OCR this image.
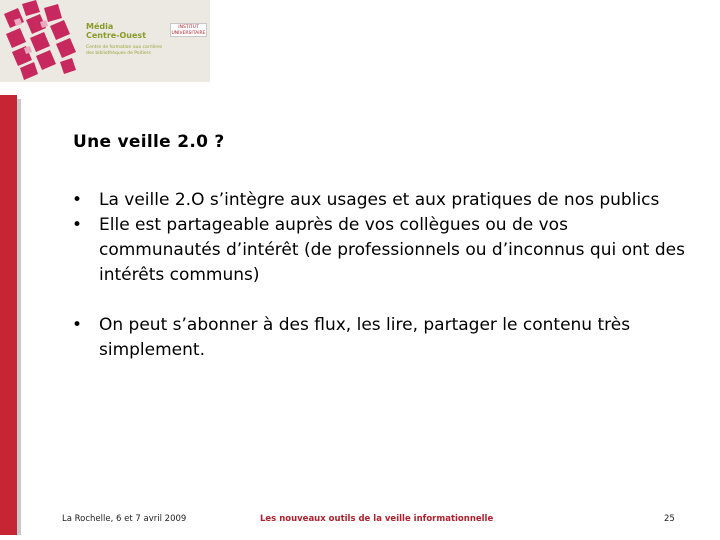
Média
Centre-Ouest
Centre de formation aux carrières des bibliothèques de Poitiers
INSTITUT UNIVERSITAIRE
Une veille 2.0 ?
• La veille 2.O s’intègre aux usages et aux pratiques de nos publics
• Elle est partageable auprès de vos collègues ou de vos communautés d’intérêt (de professionnels ou d’inconnus qui ont des intérêts communs)
• On peut s’abonner à des flux, les lire, partager le contenu très simplement.
La Rochelle, 6 et 7 avril 2009	Les nouveaux outils de la veille informationnelle	25
